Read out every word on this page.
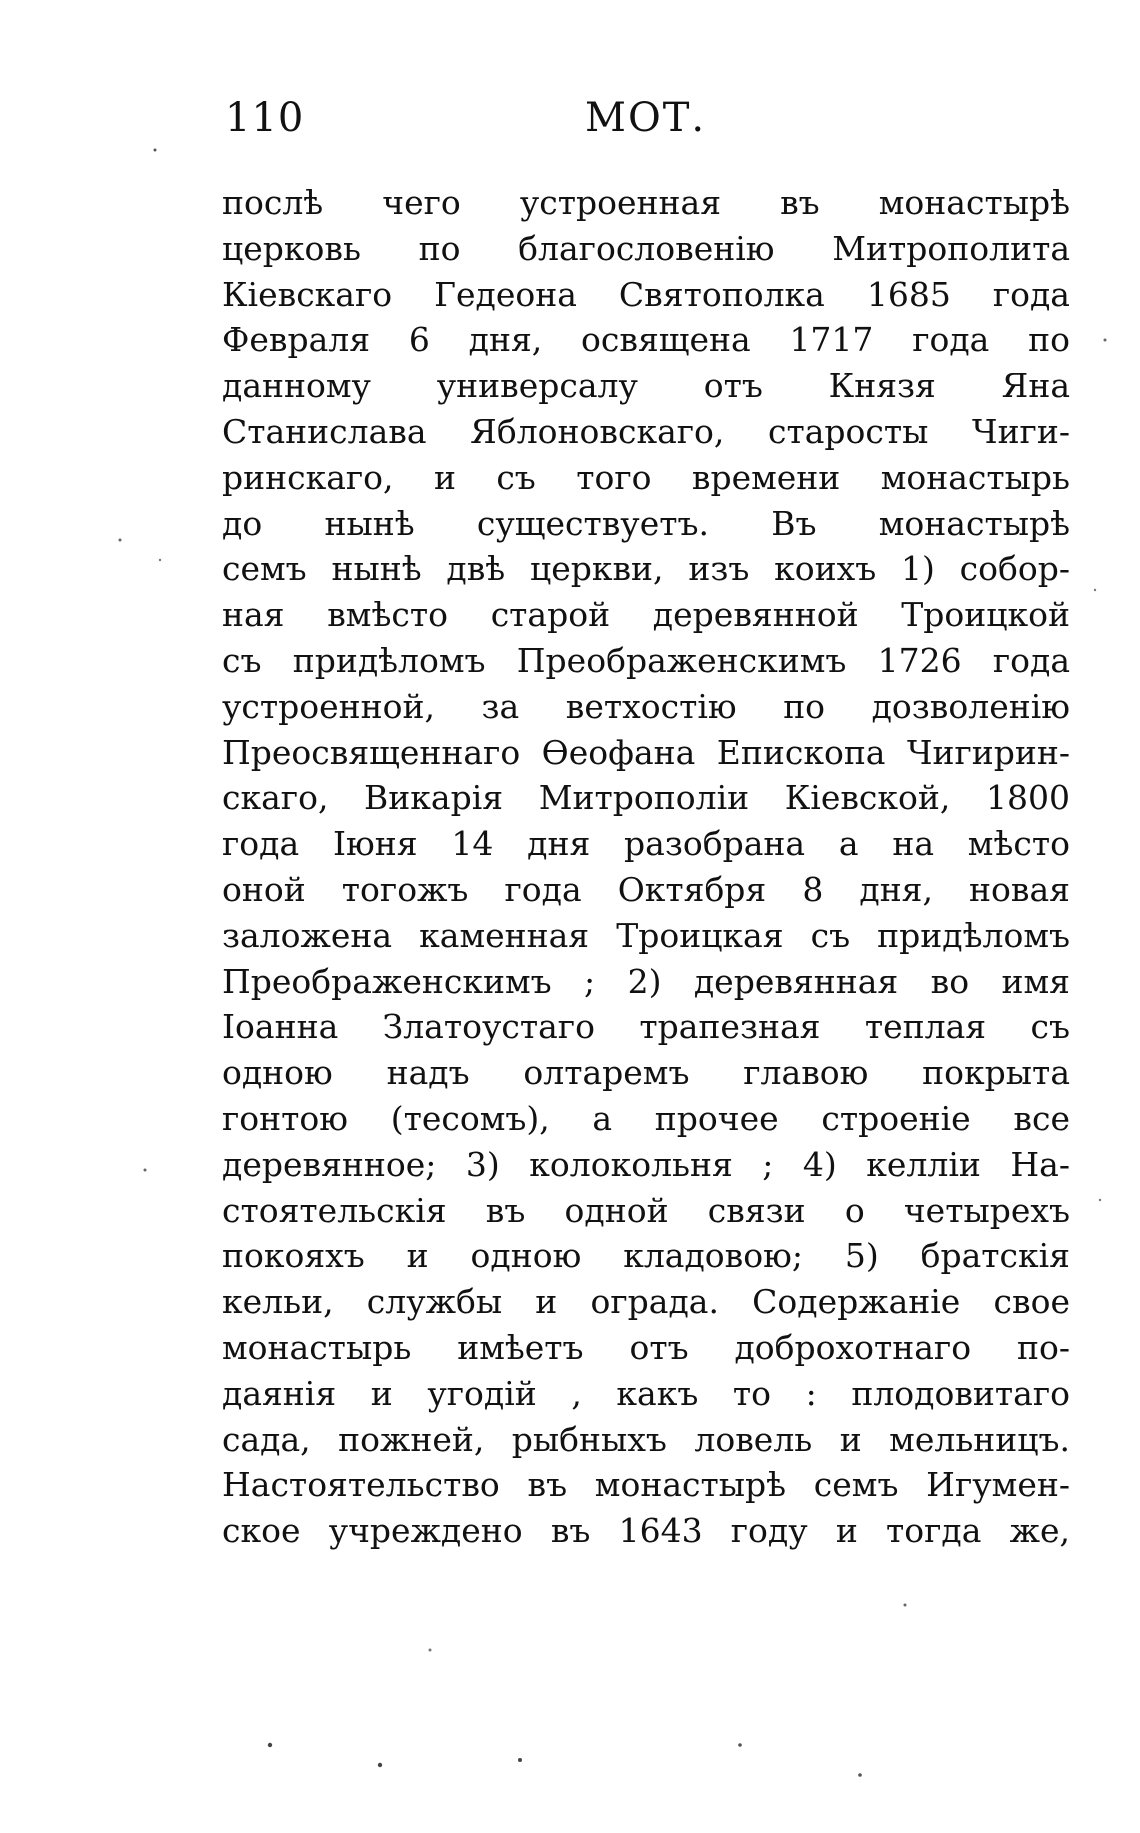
110	МОТ.
послѣ чего устроенная въ монастырѣ
церковь по благословенію Митрополита
Кіевскаго Гедеона Святополка 1685 года
Февраля 6 дня, освящена 1717 года по
данному универсалу отъ Князя Яна
Станислава Яблоновскаго, старосты Чиги-
ринскаго, и съ того времени монастырь
до нынѣ существуетъ. Въ монастырѣ
семъ нынѣ двѣ церкви, изъ коихъ 1) собор-
ная вмѣсто старой деревянной Троицкой
съ придѣломъ Преображенскимъ 1726 года
устроенной, за ветхостію по дозволенію
Преосвященнаго Өеофана Епископа Чигирин-
скаго, Викарія Митрополіи Кіевской, 1800
года Іюня 14 дня разобрана а на мѣсто
оной тогожъ года Октября 8 дня, новая
заложена каменная Троицкая съ придѣломъ
Преображенскимъ ; 2) деревянная во имя
Іоанна Златоустаго трапезная теплая съ
одною надъ олтаремъ главою покрыта
гонтою (тесомъ), а прочее строеніе все
деревянное; 3) колокольня ; 4) келліи На-
стоятельскія въ одной связи о четырехъ
покояхъ и одною кладовою; 5) братскія
кельи, службы и ограда. Содержаніе свое
монастырь имѣетъ отъ доброхотнаго по-
даянія и угодій , какъ то : плодовитаго
сада, пожней, рыбныхъ ловель и мельницъ.
Настоятельство въ монастырѣ семъ Игумен-
ское учреждено въ 1643 году и тогда же,
